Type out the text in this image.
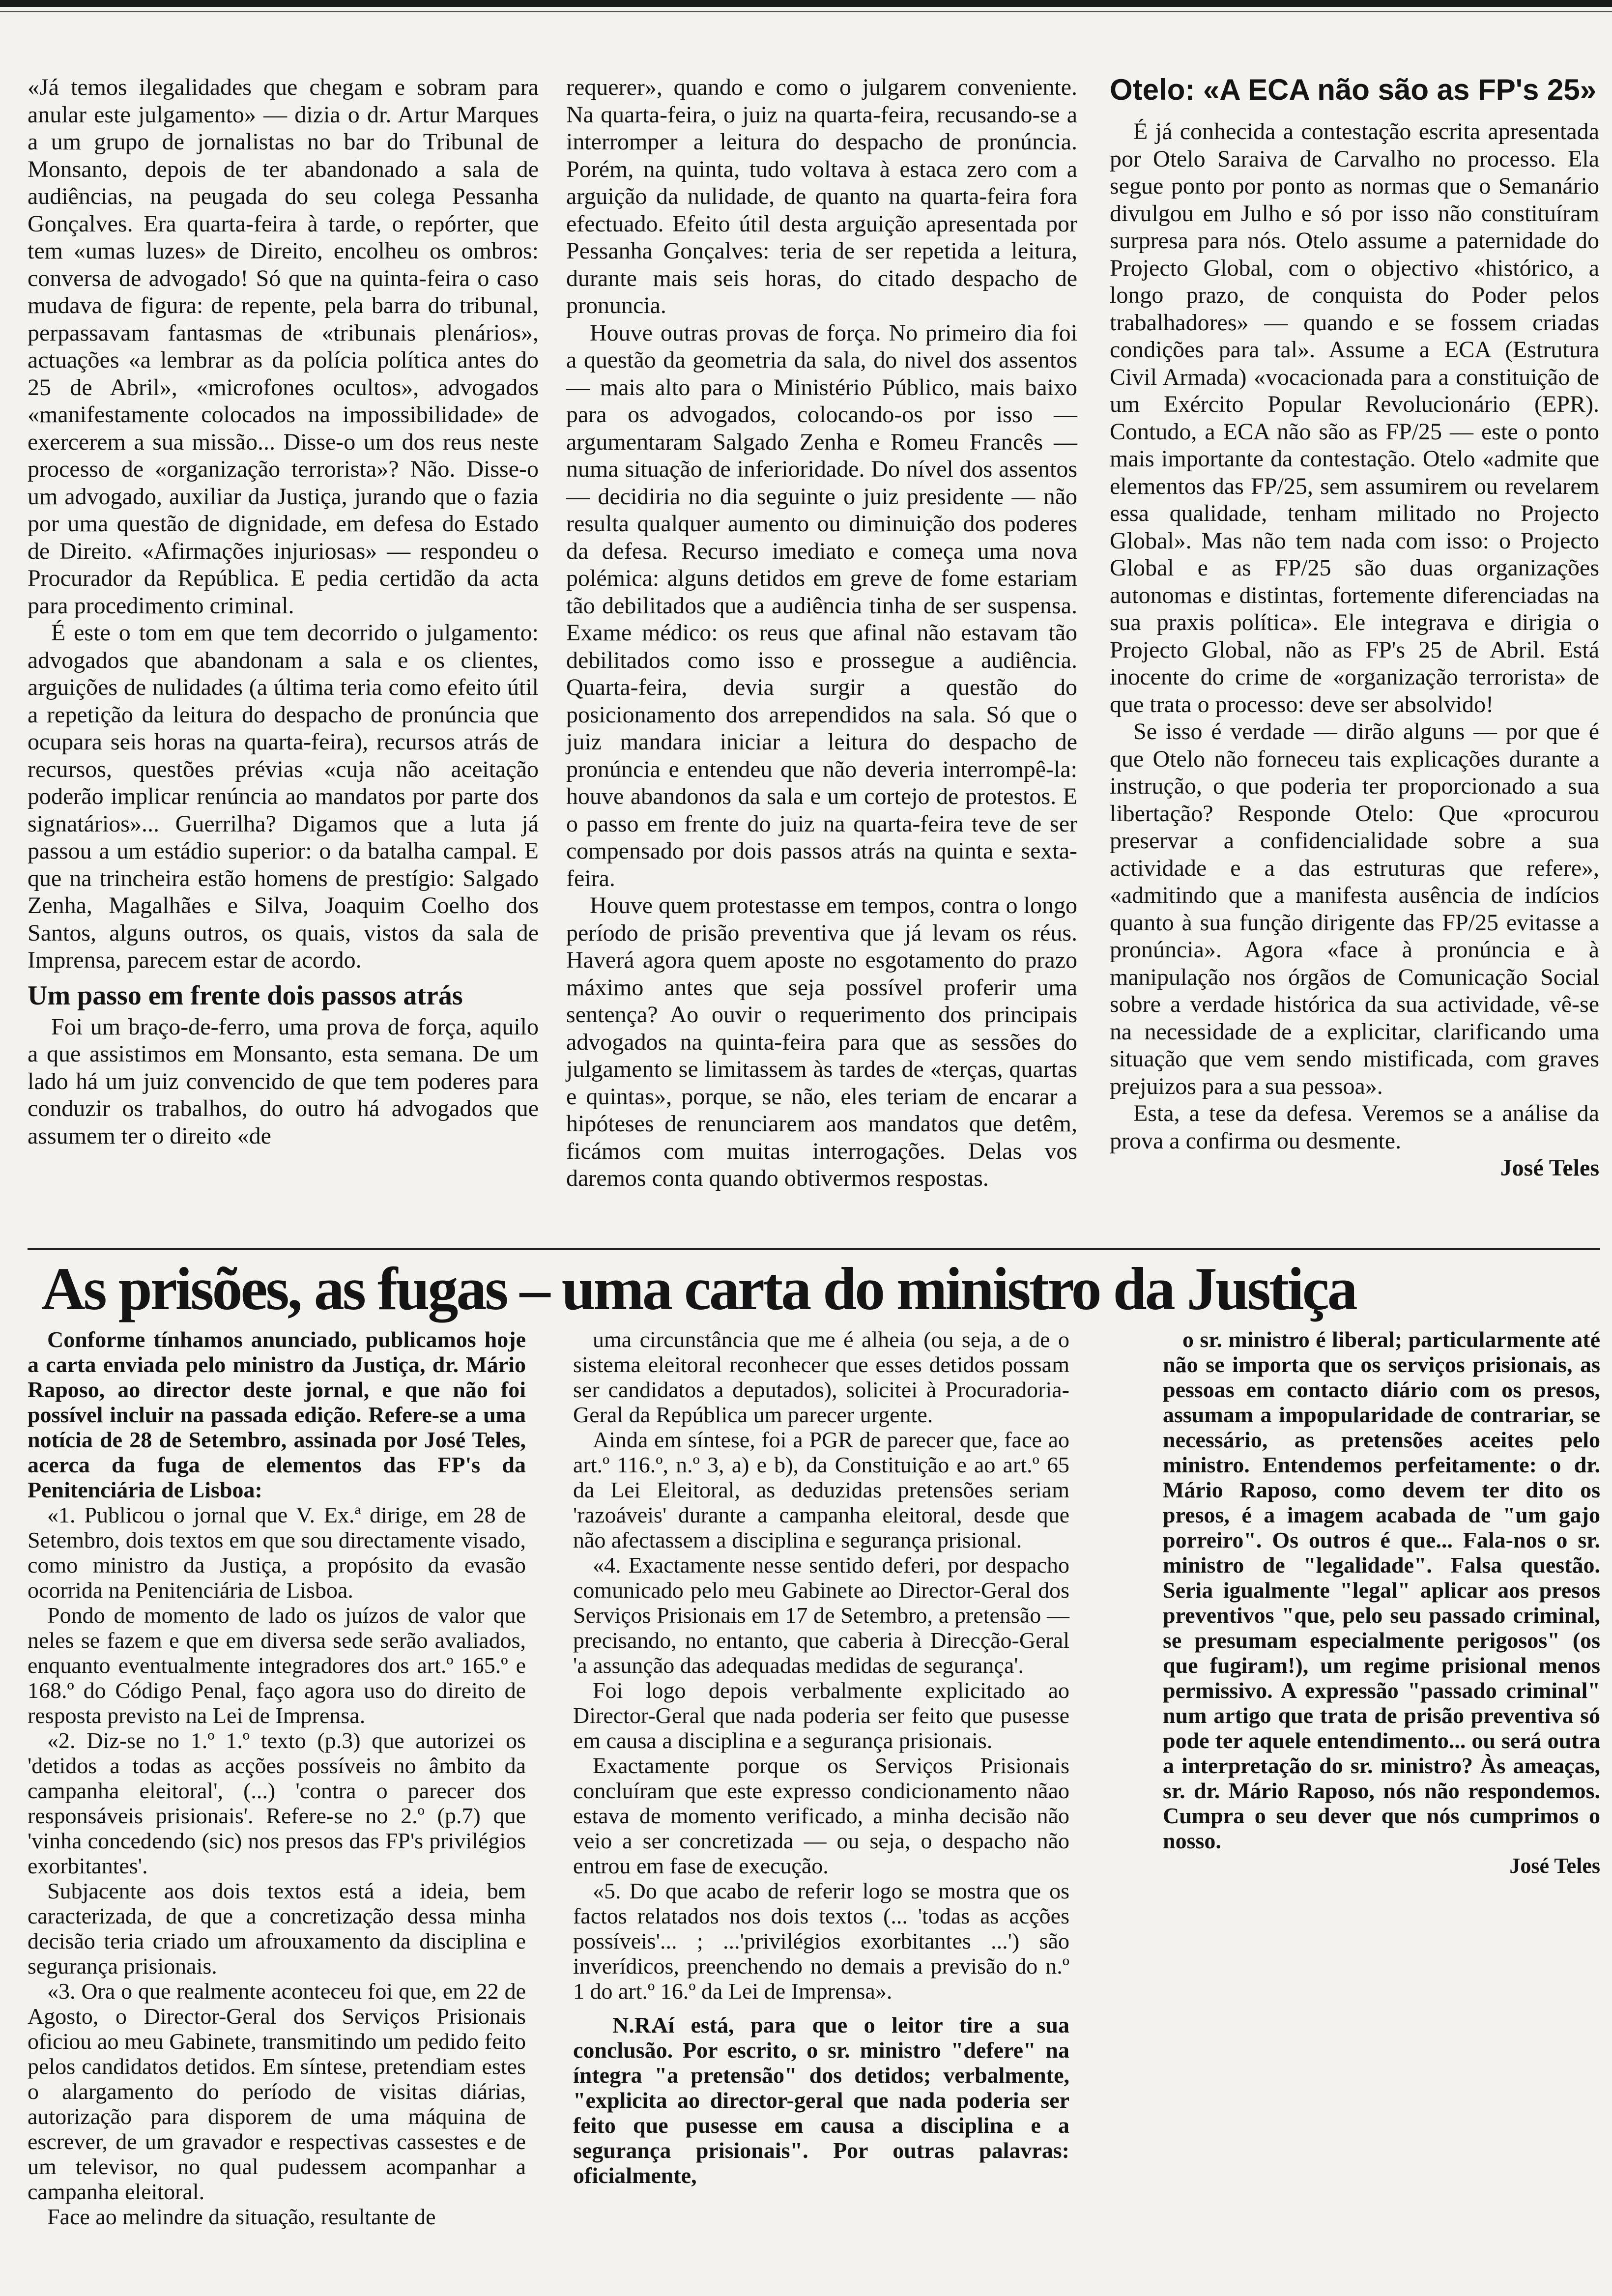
«Já temos ilegalidades que chegam e sobram para anular este julgamento» — dizia o dr. Artur Marques a um grupo de jornalistas no bar do Tribunal de Monsanto, depois de ter abandonado a sala de audiências, na peugada do seu colega Pessanha Gonçalves. Era quarta-feira à tarde, o repórter, que tem «umas luzes» de Direito, encolheu os ombros: conversa de advogado! Só que na quinta-feira o caso mudava de figura: de repente, pela barra do tribunal, perpassavam fantasmas de «tribunais plenários», actuações «a lembrar as da polícia política antes do 25 de Abril», «microfones ocultos», advogados «manifestamente colocados na impossibilidade» de exercerem a sua missão... Disse-o um dos reus neste processo de «organização terrorista»? Não. Disse-o um advogado, auxiliar da Justiça, jurando que o fazia por uma questão de dignidade, em defesa do Estado de Direito. «Afirmações injuriosas» — respondeu o Procurador da República. E pedia certidão da acta para procedimento criminal.

É este o tom em que tem decorrido o julgamento: advogados que abandonam a sala e os clientes, arguições de nulidades (a última teria como efeito útil a repetição da leitura do despacho de pronúncia que ocupara seis horas na quarta-feira), recursos atrás de recursos, questões prévias «cuja não aceitação poderão implicar renúncia ao mandatos por parte dos signatários»... Guerrilha? Digamos que a luta já passou a um estádio superior: o da batalha campal. E que na trincheira estão homens de prestígio: Salgado Zenha, Magalhães e Silva, Joaquim Coelho dos Santos, alguns outros, os quais, vistos da sala de Imprensa, parecem estar de acordo.

Um passo em frente dois passos atrás

Foi um braço-de-ferro, uma prova de força, aquilo a que assistimos em Monsanto, esta semana. De um lado há um juiz convencido de que tem poderes para conduzir os trabalhos, do outro há advogados que assumem ter o direito «de

requerer», quando e como o julgarem conveniente. Na quarta-feira, o juiz na quarta-feira, recusando-se a interromper a leitura do despacho de pronúncia. Porém, na quinta, tudo voltava à estaca zero com a arguição da nulidade, de quanto na quarta-feira fora efectuado. Efeito útil desta arguição apresentada por Pessanha Gonçalves: teria de ser repetida a leitura, durante mais seis horas, do citado despacho de pronuncia.

Houve outras provas de força. No primeiro dia foi a questão da geometria da sala, do nivel dos assentos — mais alto para o Ministério Público, mais baixo para os advogados, colocando-os por isso — argumentaram Salgado Zenha e Romeu Francês — numa situação de inferioridade. Do nível dos assentos — decidiria no dia seguinte o juiz presidente — não resulta qualquer aumento ou diminuição dos poderes da defesa. Recurso imediato e começa uma nova polémica: alguns detidos em greve de fome estariam tão debilitados que a audiência tinha de ser suspensa. Exame médico: os reus que afinal não estavam tão debilitados como isso e prossegue a audiência. Quarta-feira, devia surgir a questão do posicionamento dos arrependidos na sala. Só que o juiz mandara iniciar a leitura do despacho de pronúncia e entendeu que não deveria interrompê-la: houve abandonos da sala e um cortejo de protestos. E o passo em frente do juiz na quarta-feira teve de ser compensado por dois passos atrás na quinta e sexta-feira.

Houve quem protestasse em tempos, contra o longo período de prisão preventiva que já levam os réus. Haverá agora quem aposte no esgotamento do prazo máximo antes que seja possível proferir uma sentença? Ao ouvir o requerimento dos principais advogados na quinta-feira para que as sessões do julgamento se limitassem às tardes de «terças, quartas e quintas», porque, se não, eles teriam de encarar a hipóteses de renunciarem aos mandatos que detêm, ficámos com muitas interrogações. Delas vos daremos conta quando obtivermos respostas.

Otelo: «A ECA não são as FP's 25»

É já conhecida a contestação escrita apresentada por Otelo Saraiva de Carvalho no processo. Ela segue ponto por ponto as normas que o Semanário divulgou em Julho e só por isso não constituíram surpresa para nós. Otelo assume a paternidade do Projecto Global, com o objectivo «histórico, a longo prazo, de conquista do Poder pelos trabalhadores» — quando e se fossem criadas condições para tal». Assume a ECA (Estrutura Civil Armada) «vocacionada para a constituição de um Exército Popular Revolucionário (EPR). Contudo, a ECA não são as FP/25 — este o ponto mais importante da contestação. Otelo «admite que elementos das FP/25, sem assumirem ou revelarem essa qualidade, tenham militado no Projecto Global». Mas não tem nada com isso: o Projecto Global e as FP/25 são duas organizações autonomas e distintas, fortemente diferenciadas na sua praxis política». Ele integrava e dirigia o Projecto Global, não as FP's 25 de Abril. Está inocente do crime de «organização terrorista» de que trata o processo: deve ser absolvido!

Se isso é verdade — dirão alguns — por que é que Otelo não forneceu tais explicações durante a instrução, o que poderia ter proporcionado a sua libertação? Responde Otelo: Que «procurou preservar a confidencialidade sobre a sua actividade e a das estruturas que refere», «admitindo que a manifesta ausência de indícios quanto à sua função dirigente das FP/25 evitasse a pronúncia». Agora «face à pronúncia e à manipulação nos órgãos de Comunicação Social sobre a verdade histórica da sua actividade, vê-se na necessidade de a explicitar, clarificando uma situação que vem sendo mistificada, com graves prejuizos para a sua pessoa».

Esta, a tese da defesa. Veremos se a análise da prova a confirma ou desmente.

José Teles

As prisões, as fugas – uma carta do ministro da Justiça

Conforme tínhamos anunciado, publicamos hoje a carta enviada pelo ministro da Justiça, dr. Mário Raposo, ao director deste jornal, e que não foi possível incluir na passada edição. Refere-se a uma notícia de 28 de Setembro, assinada por José Teles, acerca da fuga de elementos das FP's da Penitenciária de Lisboa:

«1. Publicou o jornal que V. Ex.ª dirige, em 28 de Setembro, dois textos em que sou directamente visado, como ministro da Justiça, a propósito da evasão ocorrida na Penitenciária de Lisboa.

Pondo de momento de lado os juízos de valor que neles se fazem e que em diversa sede serão avaliados, enquanto eventualmente integradores dos art.º 165.º e 168.º do Código Penal, faço agora uso do direito de resposta previsto na Lei de Imprensa.

«2. Diz-se no 1.º 1.º texto (p.3) que autorizei os 'detidos a todas as acções possíveis no âmbito da campanha eleitoral', (...) 'contra o parecer dos responsáveis prisionais'. Refere-se no 2.º (p.7) que 'vinha concedendo (sic) nos presos das FP's privilégios exorbitantes'.

Subjacente aos dois textos está a ideia, bem caracterizada, de que a concretização dessa minha decisão teria criado um afrouxamento da disciplina e segurança prisionais.

«3. Ora o que realmente aconteceu foi que, em 22 de Agosto, o Director-Geral dos Serviços Prisionais oficiou ao meu Gabinete, transmitindo um pedido feito pelos candidatos detidos. Em síntese, pretendiam estes o alargamento do período de visitas diárias, autorização para disporem de uma máquina de escrever, de um gravador e respectivas cassestes e de um televisor, no qual pudessem acompanhar a campanha eleitoral.

Face ao melindre da situação, resultante de

uma circunstância que me é alheia (ou seja, a de o sistema eleitoral reconhecer que esses detidos possam ser candidatos a deputados), solicitei à Procuradoria-Geral da República um parecer urgente.

Ainda em síntese, foi a PGR de parecer que, face ao art.º 116.º, n.º 3, a) e b), da Constituição e ao art.º 65 da Lei Eleitoral, as deduzidas pretensões seriam 'razoáveis' durante a campanha eleitoral, desde que não afectassem a disciplina e segurança prisional.

«4. Exactamente nesse sentido deferi, por despacho comunicado pelo meu Gabinete ao Director-Geral dos Serviços Prisionais em 17 de Setembro, a pretensão — precisando, no entanto, que caberia à Direcção-Geral 'a assunção das adequadas medidas de segurança'.

Foi logo depois verbalmente explicitado ao Director-Geral que nada poderia ser feito que pusesse em causa a disciplina e a segurança prisionais.

Exactamente porque os Serviços Prisionais concluíram que este expresso condicionamento nãao estava de momento verificado, a minha decisão não veio a ser concretizada — ou seja, o despacho não entrou em fase de execução.

«5. Do que acabo de referir logo se mostra que os factos relatados nos dois textos (... 'todas as acções possíveis'... ; ...'privilégios exorbitantes ...') são inverídicos, preenchendo no demais a previsão do n.º 1 do art.º 16.º da Lei de Imprensa».

N.R.Aí está, para que o leitor tire a sua conclusão. Por escrito, o sr. ministro "defere" na íntegra "a pretensão" dos detidos; verbalmente, "explicita ao director-geral que nada poderia ser feito que pusesse em causa a disciplina e a segurança prisionais". Por outras palavras: oficialmente,

o sr. ministro é liberal; particularmente até não se importa que os serviços prisionais, as pessoas em contacto diário com os presos, assumam a impopularidade de contrariar, se necessário, as pretensões aceites pelo ministro. Entendemos perfeitamente: o dr. Mário Raposo, como devem ter dito os presos, é a imagem acabada de "um gajo porreiro". Os outros é que... Fala-nos o sr. ministro de "legalidade". Falsa questão. Seria igualmente "legal" aplicar aos presos preventivos "que, pelo seu passado criminal, se presumam especialmente perigosos" (os que fugiram!), um regime prisional menos permissivo. A expressão "passado criminal" num artigo que trata de prisão preventiva só pode ter aquele entendimento... ou será outra a interpretação do sr. ministro? Às ameaças, sr. dr. Mário Raposo, nós não respondemos. Cumpra o seu dever que nós cumprimos o nosso.

José Teles
